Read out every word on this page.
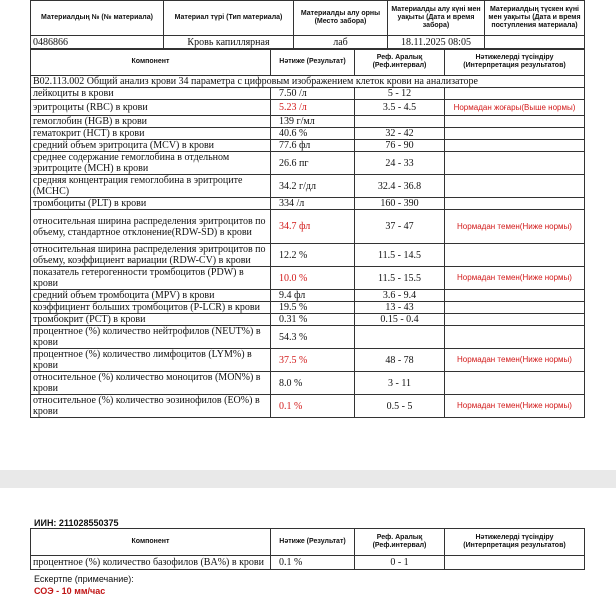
Материалдың № (№ материала)	Материал түрі (Тип материала)	Материалды алу орны (Место забора)	Материалды алу күні мен уақыты (Дата и время забора)	Материалдың түскен күні мен уақыты (Дата и время поступления материала)
0486866	Кровь капиллярная	лаб	18.11.2025 08:05	
Компонент	Нәтиже (Результат)	Реф. Аралық (Реф.интервал)	Нәтижелерді түсіндіру (Интерпретация результатов)
B02.113.002 Общий анализ крови 34 параметра с цифровым изображением клеток крови на анализаторе			
лейкоциты в крови	7.50 /л	5 - 12	
эритроциты (RBC) в крови	5.23 /л	3.5 - 4.5	Нормадан жоғары(Выше нормы)
гемоглобин (HGB) в крови	139 г/мл		
гематокрит (HCT) в крови	40.6 %	32 - 42	
средний объем эритроцита (MCV) в крови	77.6 фл	76 - 90	
среднее содержание гемоглобина в отдельном эритроците (MCH) в крови	26.6 пг	24 - 33	
средняя концентрация гемоглобина в эритроците (MCHC)	34.2 г/дл	32.4 - 36.8	
тромбоциты (PLT) в крови	334 /л	160 - 390	
относительная ширина распределения эритроцитов по объему, стандартное отклонение(RDW-SD) в крови	34.7 фл	37 - 47	Нормадан темен(Ниже нормы)
относительная ширина распределения эритроцитов по объему, коэффициент вариации (RDW-CV) в крови	12.2 %	11.5 - 14.5	
показатель гетерогенности тромбоцитов (PDW) в крови	10.0 %	11.5 - 15.5	Нормадан темен(Ниже нормы)
средний объем тромбоцита (MPV) в крови	9.4 фл	3.6 - 9.4	
коэффициент больших тромбоцитов (P-LCR) в крови	19.5 %	13 - 43	
тромбокрит (PCT) в крови	0.31 %	0.15 - 0.4	
процентное (%) количество нейтрофилов (NEUT%) в крови	54.3 %		
процентное (%) количество лимфоцитов (LYM%) в крови	37.5 %	48 - 78	Нормадан темен(Ниже нормы)
относительное (%) количество моноцитов (MON%) в крови	8.0 %	3 - 11	
относительное (%) количество эозинофилов (EO%) в крови	0.1 %	0.5 - 5	Нормадан темен(Ниже нормы)
ИИН: 211028550375
Компонент	Нәтиже (Результат)	Реф. Аралық (Реф.интервал)	Нәтижелерді түсіндіру (Интерпретация результатов)
процентное (%) количество базофилов (BA%) в крови	0.1 %	0 - 1	
Ескертпе (примечание):
СОЭ - 10 мм/час
